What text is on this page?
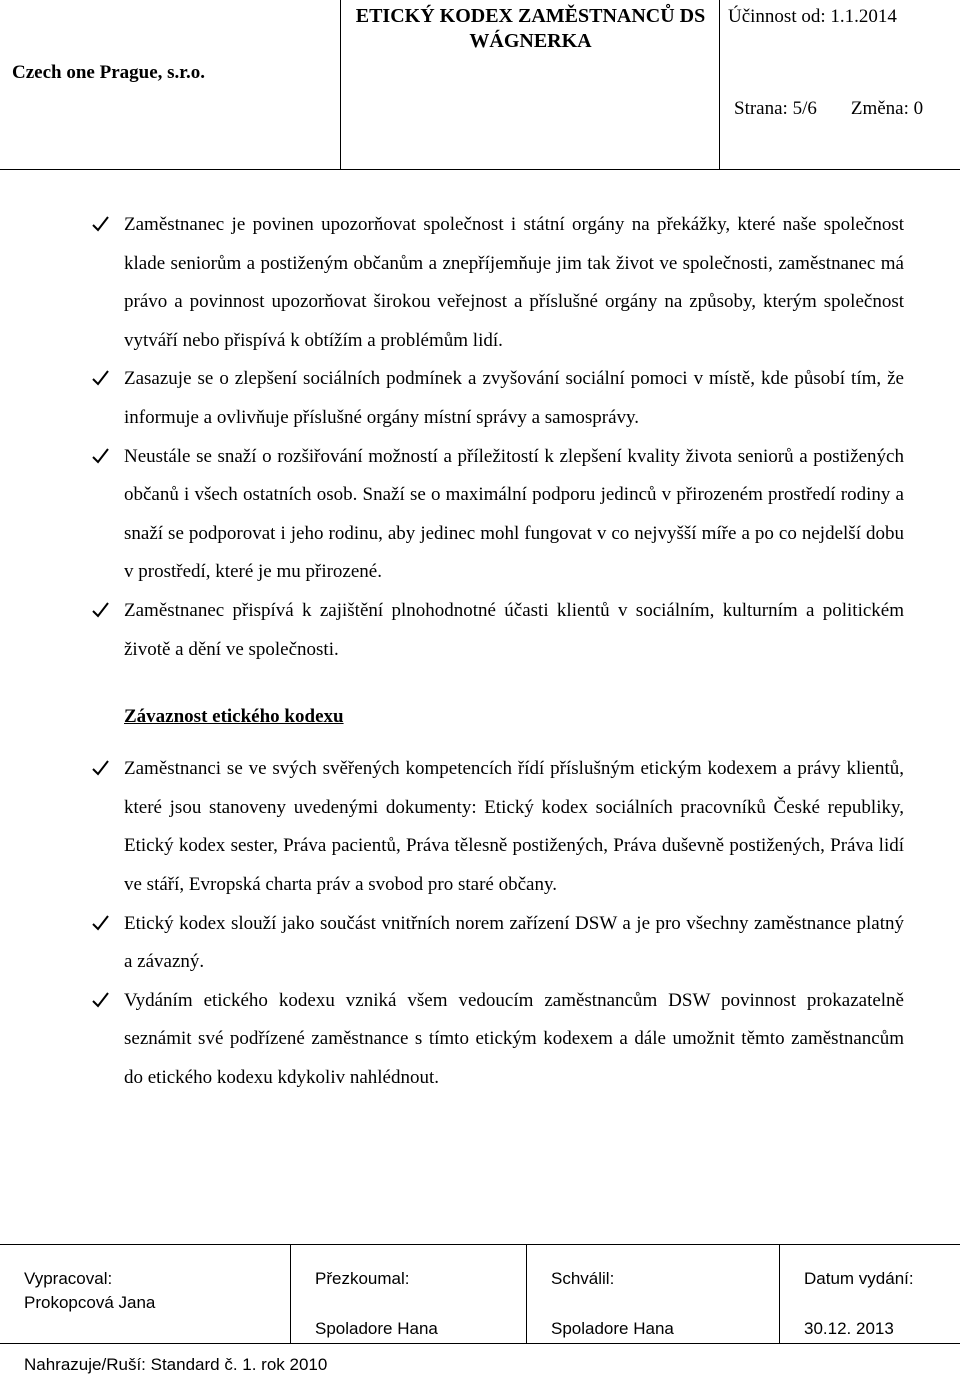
Czech one Prague, s.r.o.
ETICKÝ KODEX ZAMĚSTNANCŮ DS WÁGNERKA
Účinnost od: 1.1.2014
Strana: 5/6 Změna: 0
Zaměstnanec je povinen upozorňovat společnost i státní orgány na překážky, které naše společnost klade seniorům a postiženým občanům a znepříjemňuje jim tak život ve společnosti, zaměstnanec má právo a povinnost upozorňovat širokou veřejnost a příslušné orgány na způsoby, kterým společnost vytváří nebo přispívá k obtížím a problémům lidí.
Zasazuje se o zlepšení sociálních podmínek a zvyšování sociální pomoci v místě, kde působí tím, že informuje a ovlivňuje příslušné orgány místní správy a samosprávy.
Neustále se snaží o rozšiřování možností a příležitostí k zlepšení kvality života seniorů a postižených občanů i všech ostatních osob. Snaží se o maximální podporu jedinců v přirozeném prostředí rodiny a snaží se podporovat i jeho rodinu, aby jedinec mohl fungovat v co nejvyšší míře a po co nejdelší dobu v prostředí, které je mu přirozené.
Zaměstnanec přispívá k zajištění plnohodnotné účasti klientů v sociálním, kulturním a politickém životě a dění ve společnosti.
Závaznost etického kodexu
Zaměstnanci se ve svých svěřených kompetencích řídí příslušným etickým kodexem a právy klientů, které jsou stanoveny uvedenými dokumenty: Etický kodex sociálních pracovníků České republiky, Etický kodex sester, Práva pacientů, Práva tělesně postižených, Práva duševně postižených, Práva lidí ve stáří, Evropská charta práv a svobod pro staré občany.
Etický kodex slouží jako součást vnitřních norem zařízení DSW a je pro všechny zaměstnance platný a závazný.
Vydáním etického kodexu vzniká všem vedoucím zaměstnancům DSW povinnost prokazatelně seznámit své podřízené zaměstnance s tímto etickým kodexem a dále umožnit těmto zaměstnancům do etického kodexu kdykoliv nahlédnout.
Vypracoval:
Prokopcová Jana
Přezkoumal:
Spoladore Hana
Schválil:
Spoladore Hana
Datum vydání:
30.12. 2013
Nahrazuje/Ruší: Standard č. 1. rok 2010
